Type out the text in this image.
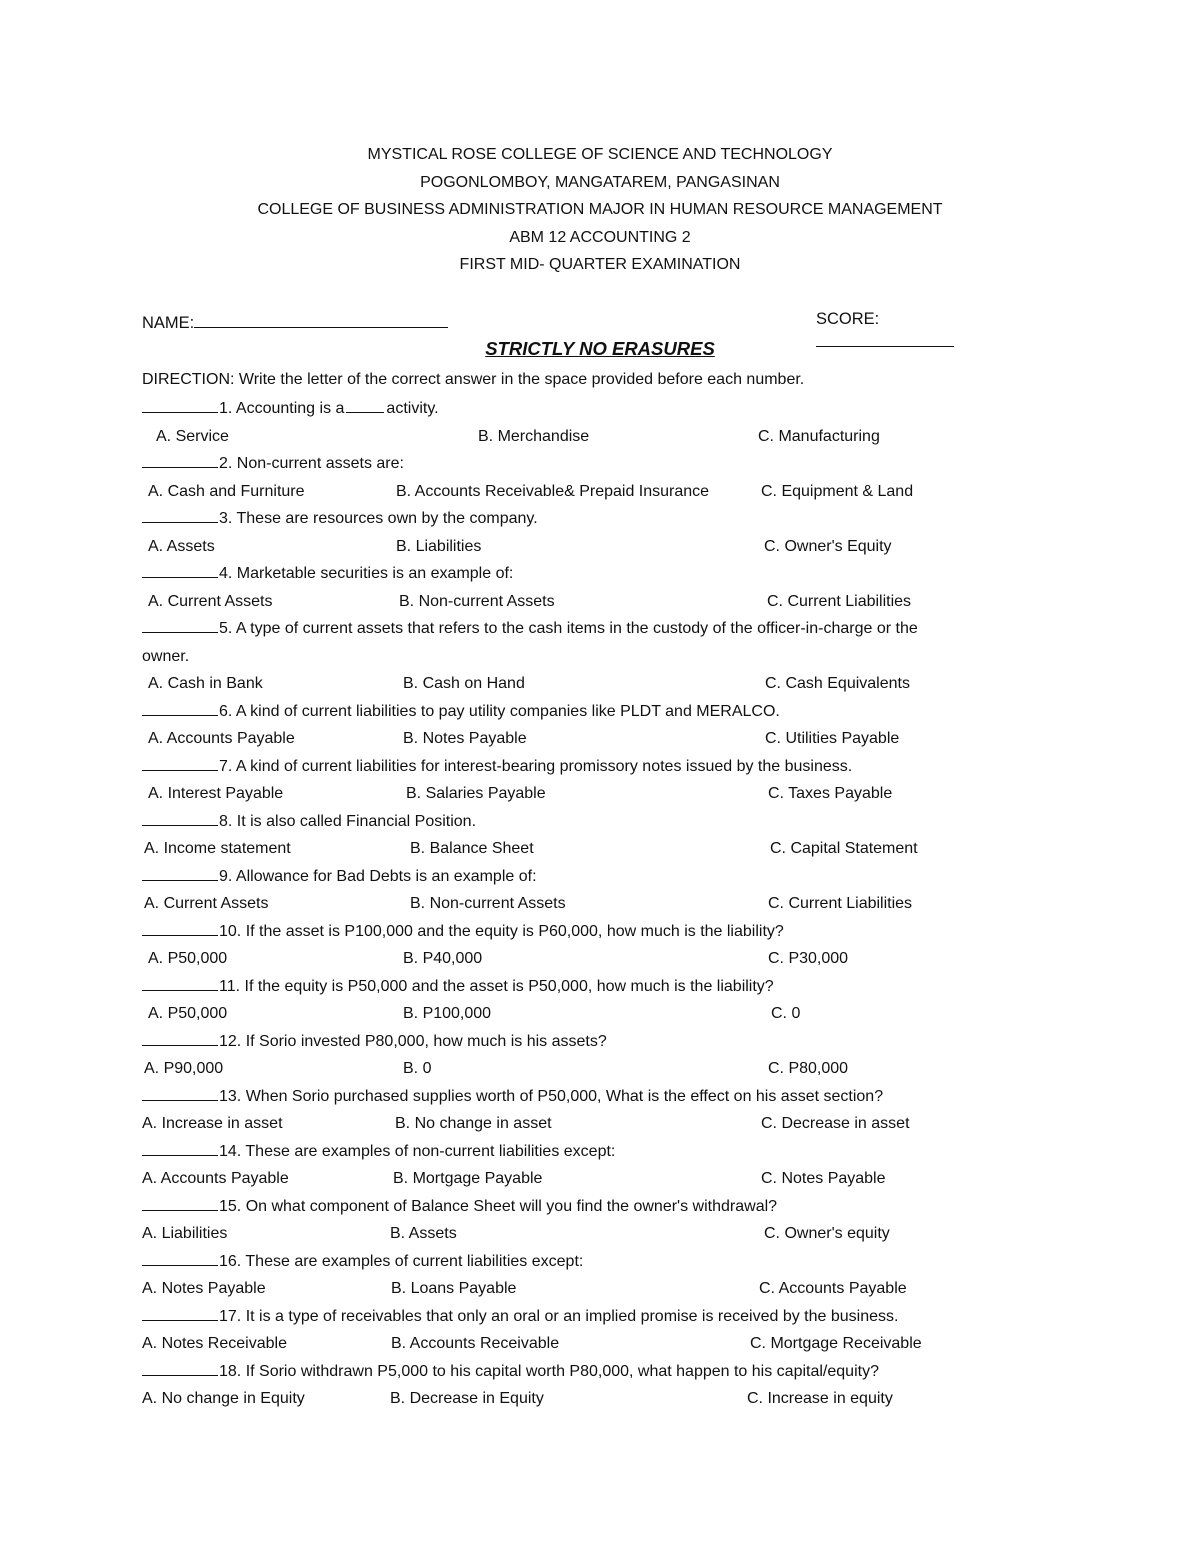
MYSTICAL ROSE COLLEGE OF SCIENCE AND TECHNOLOGY
POGONLOMBOY, MANGATAREM, PANGASINAN
COLLEGE OF BUSINESS ADMINISTRATION MAJOR IN HUMAN RESOURCE MANAGEMENT
ABM 12 ACCOUNTING 2
FIRST MID- QUARTER EXAMINATION
NAME:	SCORE:
STRICTLY NO ERASURES
DIRECTION: Write the letter of the correct answer in the space provided before each number.
1. Accounting is a	activity.
A. Service	B. Merchandise	C. Manufacturing
2. Non-current assets are:
A. Cash and Furniture	B. Accounts Receivable& Prepaid Insurance	C. Equipment & Land
3. These are resources own by the company.
A. Assets	B. Liabilities	C. Owner's Equity
4. Marketable securities is an example of:
A. Current Assets	B. Non-current Assets	C. Current Liabilities
5. A type of current assets that refers to the cash items in the custody of the officer-in-charge or the
owner.
A. Cash in Bank	B. Cash on Hand	C. Cash Equivalents
6. A kind of current liabilities to pay utility companies like PLDT and MERALCO.
A. Accounts Payable	B. Notes Payable	C. Utilities Payable
7. A kind of current liabilities for interest-bearing promissory notes issued by the business.
A. Interest Payable	B. Salaries Payable	C. Taxes Payable
8. It is also called Financial Position.
A. Income statement	B. Balance Sheet	C. Capital Statement
9. Allowance for Bad Debts is an example of:
A. Current Assets	B. Non-current Assets	C. Current Liabilities
10. If the asset is P100,000 and the equity is P60,000, how much is the liability?
A. P50,000	B. P40,000	C. P30,000
11. If the equity is P50,000 and the asset is P50,000, how much is the liability?
A. P50,000	B. P100,000	C. 0
12. If Sorio invested P80,000, how much is his assets?
A. P90,000	B. 0	C. P80,000
13. When Sorio purchased supplies worth of P50,000, What is the effect on his asset section?
A. Increase in asset	B. No change in asset	C. Decrease in asset
14. These are examples of non-current liabilities except:
A. Accounts Payable	B. Mortgage Payable	C. Notes Payable
15. On what component of Balance Sheet will you find the owner's withdrawal?
A. Liabilities	B. Assets	C. Owner's equity
16. These are examples of current liabilities except:
A. Notes Payable	B. Loans Payable	C. Accounts Payable
17. It is a type of receivables that only an oral or an implied promise is received by the business.
A. Notes Receivable	B. Accounts Receivable	C. Mortgage Receivable
18. If Sorio withdrawn P5,000 to his capital worth P80,000, what happen to his capital/equity?
A. No change in Equity	B. Decrease in Equity	C. Increase in equity
